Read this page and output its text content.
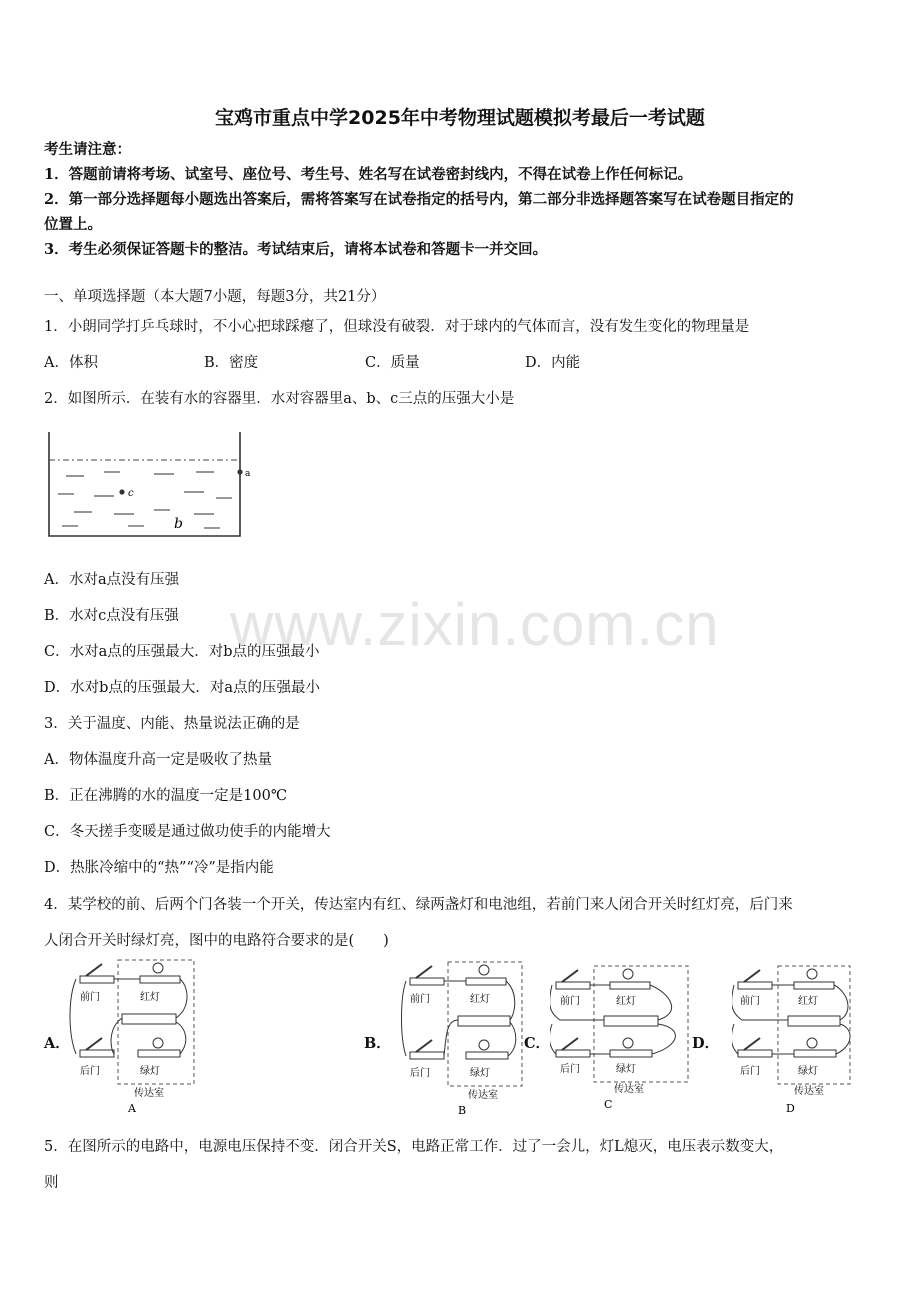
宝鸡市重点中学2025年中考物理试题模拟考最后一考试题
考生请注意：
1．答题前请将考场、试室号、座位号、考生号、姓名写在试卷密封线内，不得在试卷上作任何标记。
2．第一部分选择题每小题选出答案后，需将答案写在试卷指定的括号内，第二部分非选择题答案写在试卷题目指定的
位置上。
3．考生必须保证答题卡的整洁。考试结束后，请将本试卷和答题卡一并交回。
一、单项选择题（本大题7小题，每题3分，共21分）
1．小朗同学打乒乓球时，不小心把球踩瘪了，但球没有破裂．对于球内的气体而言，没有发生变化的物理量是
A．体积	B．密度	C．质量	D．内能
2．如图所示．在装有水的容器里．水对容器里a、b、c三点的压强大小是
a
c
b
A．水对a点没有压强
B．水对c点没有压强
C．水对a点的压强最大．对b点的压强最小
D．水对b点的压强最大．对a点的压强最小
3．关于温度、内能、热量说法正确的是
A．物体温度升高一定是吸收了热量
B．正在沸腾的水的温度一定是100℃
C．冬天搓手变暖是通过做功使手的内能增大
D．热胀冷缩中的“热”“冷”是指内能
4．某学校的前、后两个门各装一个开关，传达室内有红、绿两盏灯和电池组，若前门来人闭合开关时红灯亮，后门来
人闭合开关时绿灯亮，图中的电路符合要求的是(　　)
A．	B．	C．	D．
前门	红灯
后门	绿灯
传达室
A
前门	红灯
后门	绿灯
传达室
B
前门	红灯
后门	绿灯
传达室
C
前门	红灯
后门	绿灯
传达室
D
5．在图所示的电路中，电源电压保持不变．闭合开关S，电路正常工作．过了一会儿，灯L熄灭，电压表示数变大，
则
www.zixin.com.cn
